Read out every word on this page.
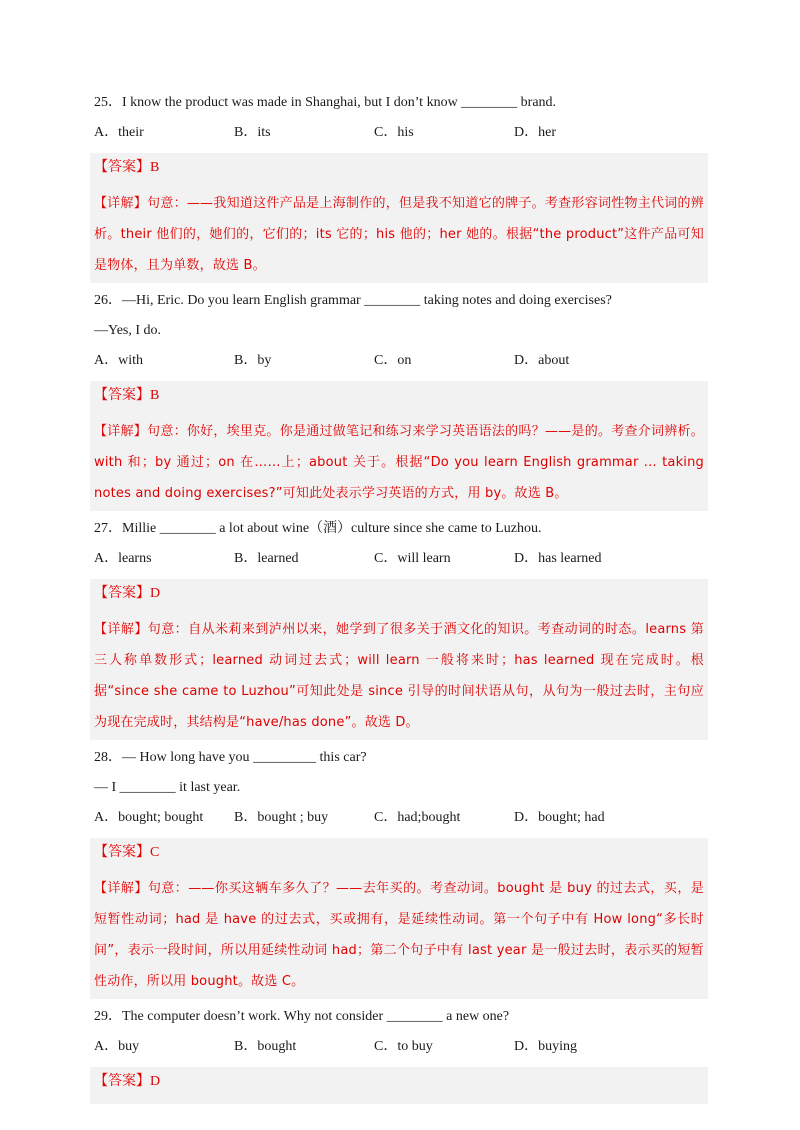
25．I know the product was made in Shanghai, but I don’t know ________ brand.

A．their	B．its	C．his	D．her

【答案】B

【详解】句意：——我知道这件产品是上海制作的，但是我不知道它的牌子。考查形容词性物主代词的辨析。their 他们的，她们的，它们的；its 它的；his 他的；her 她的。根据“the product”这件产品可知是物体，且为单数，故选 B。

26．—Hi, Eric. Do you learn English grammar ________ taking notes and doing exercises?

—Yes, I do.

A．with	B．by	C．on	D．about

【答案】B

【详解】句意：你好，埃里克。你是通过做笔记和练习来学习英语语法的吗？——是的。考查介词辨析。with 和；by 通过；on 在……上；about 关于。根据“Do you learn English grammar ... taking notes and doing exercises?”可知此处表示学习英语的方式，用 by。故选 B。

27．Millie ________ a lot about wine（酒）culture since she came to Luzhou.

A．learns	B．learned	C．will learn	D．has learned

【答案】D

【详解】句意：自从米莉来到泸州以来，她学到了很多关于酒文化的知识。考查动词的时态。learns 第三人称单数形式；learned 动词过去式；will learn 一般将来时；has learned 现在完成时。根据“since she came to Luzhou”可知此处是 since 引导的时间状语从句，从句为一般过去时，主句应为现在完成时，其结构是“have/has done”。故选 D。

28．— How long have you _________ this car?

— I ________ it last year.

A．bought; bought	B．bought ; buy	C．had;bought	D．bought; had

【答案】C

【详解】句意：——你买这辆车多久了？——去年买的。考查动词。bought 是 buy 的过去式，买，是短暂性动词；had 是 have 的过去式，买或拥有，是延续性动词。第一个句子中有 How long“多长时间”，表示一段时间，所以用延续性动词 had；第二个句子中有 last year 是一般过去时，表示买的短暂性动作，所以用 bought。故选 C。

29．The computer doesn’t work. Why not consider ________ a new one?

A．buy	B．bought	C．to buy	D．buying

【答案】D
